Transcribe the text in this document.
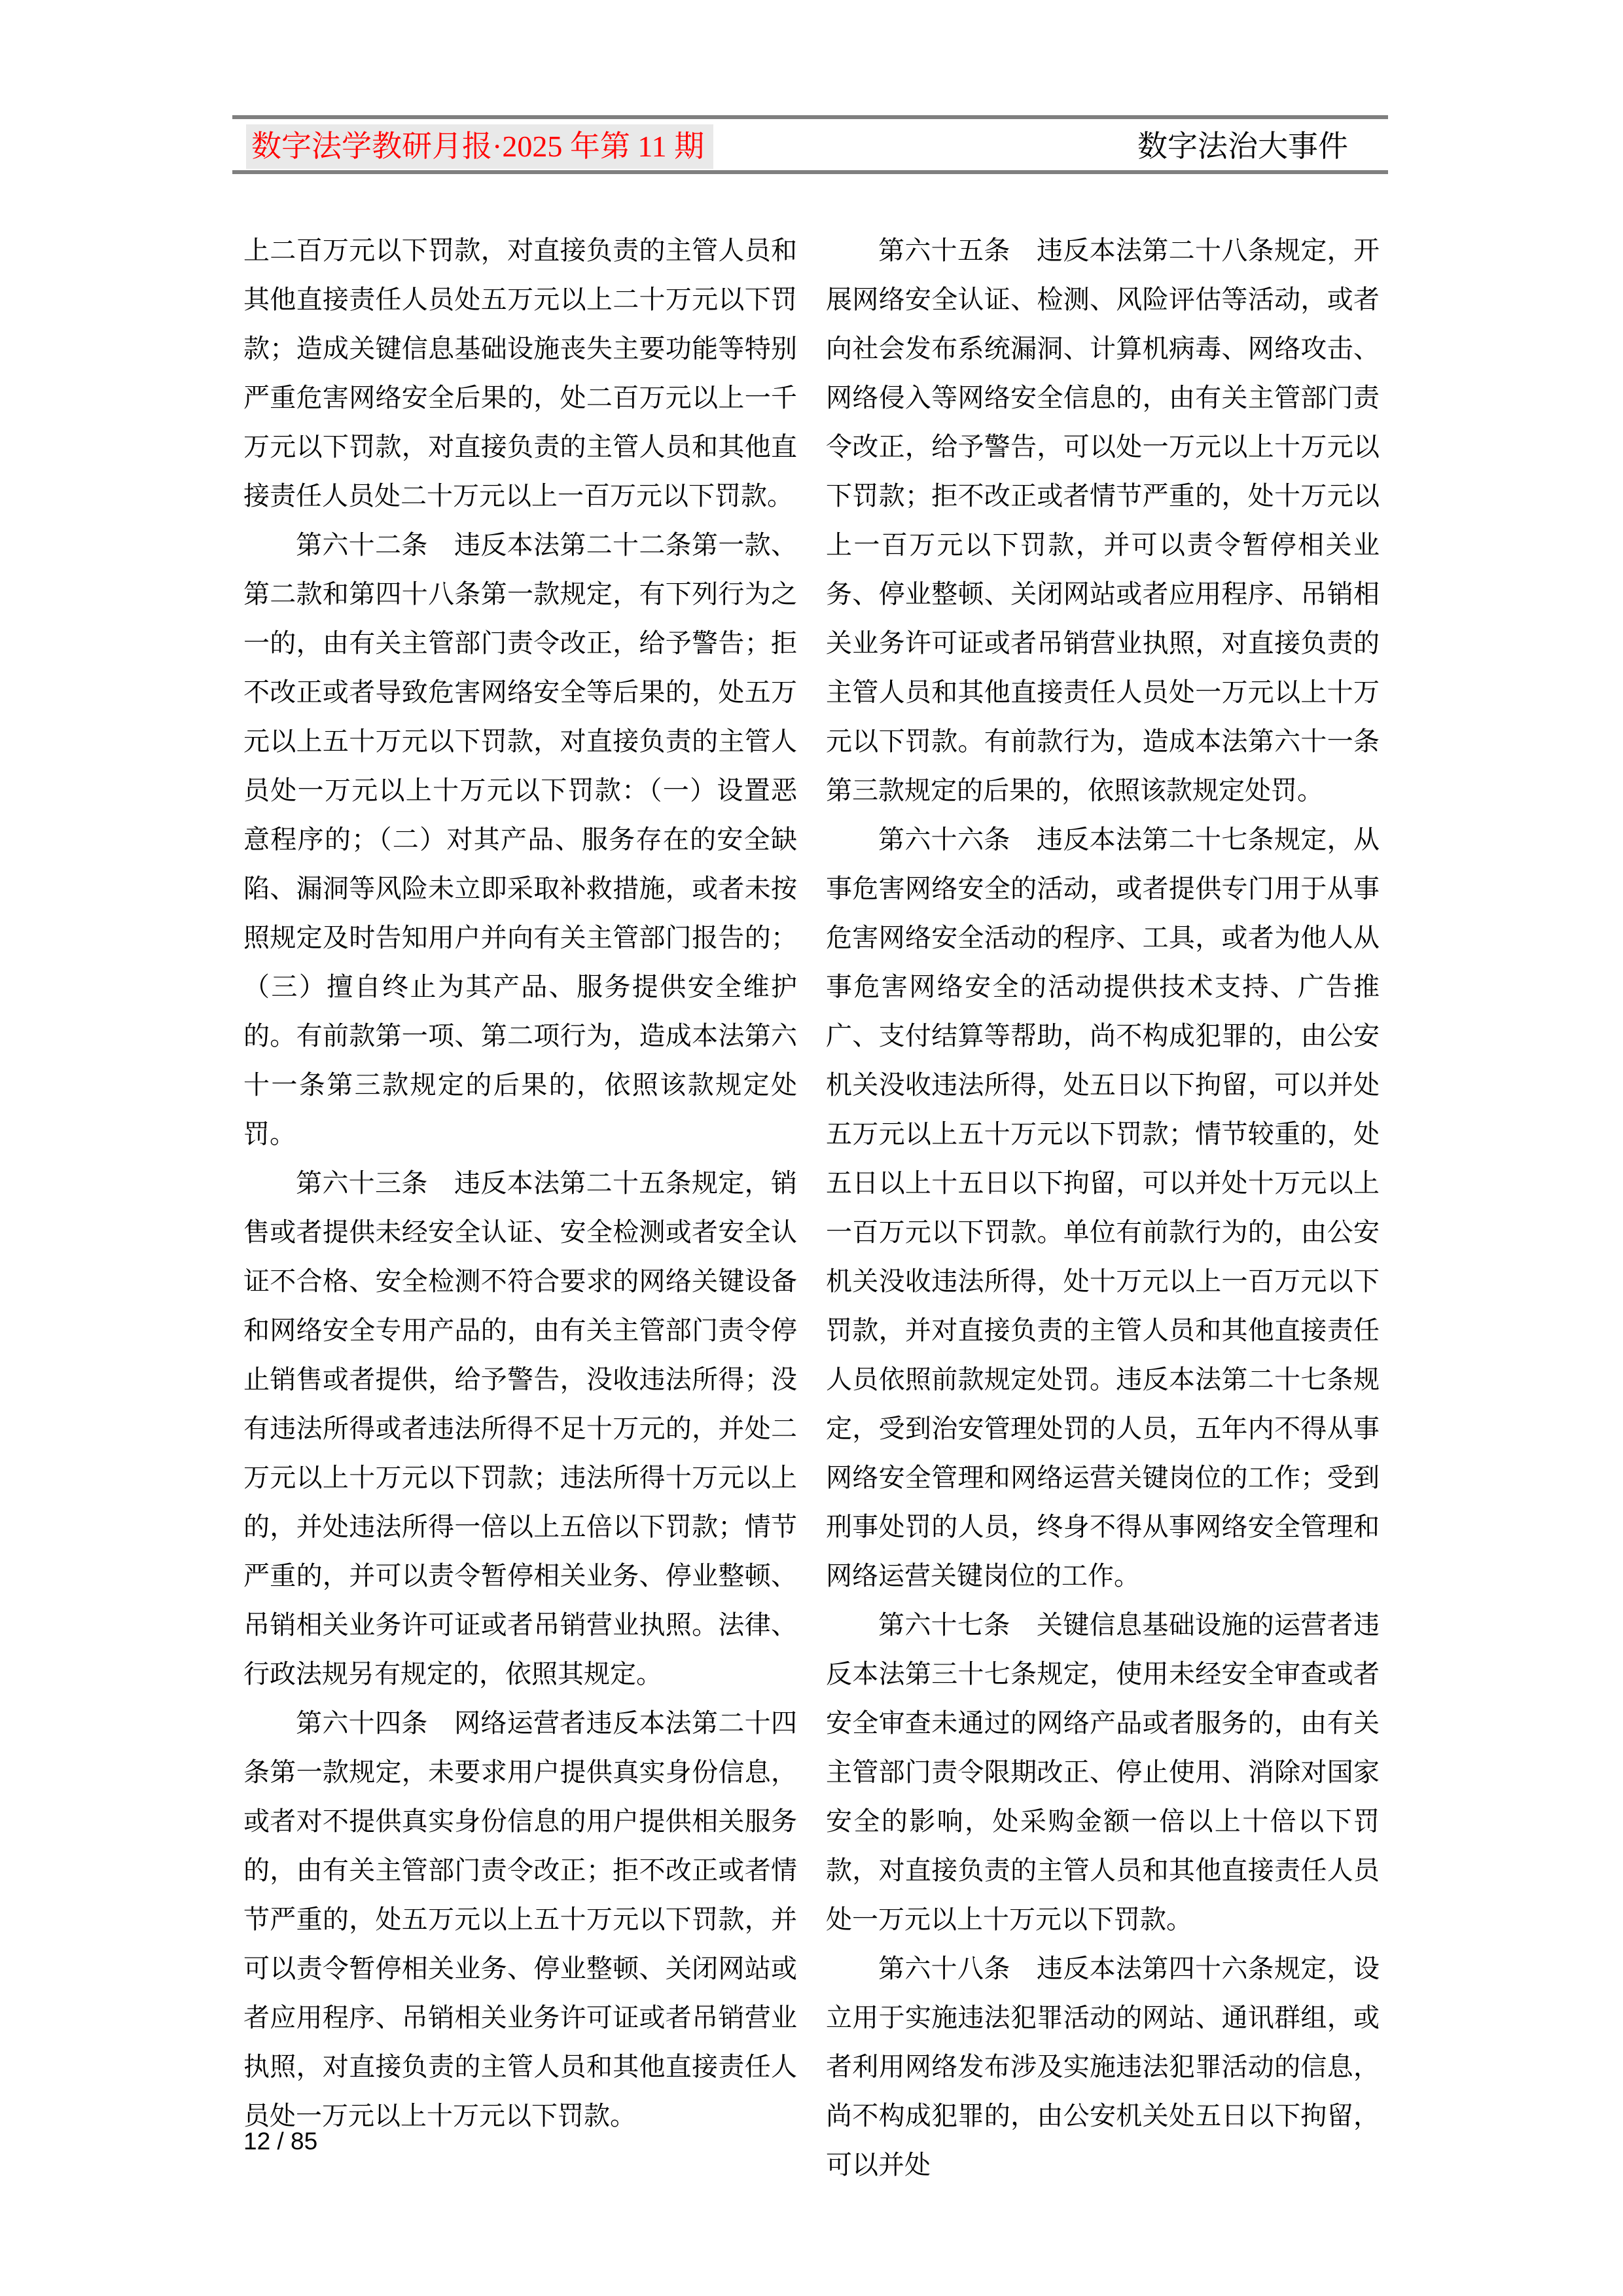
数字法学教研月报·2025 年第 11 期	数字法治大事件

上二百万元以下罚款，对直接负责的主管人员和其他直接责任人员处五万元以上二十万元以下罚款；造成关键信息基础设施丧失主要功能等特别严重危害网络安全后果的，处二百万元以上一千万元以下罚款，对直接负责的主管人员和其他直接责任人员处二十万元以上一百万元以下罚款。

第六十二条　违反本法第二十二条第一款、第二款和第四十八条第一款规定，有下列行为之一的，由有关主管部门责令改正，给予警告；拒不改正或者导致危害网络安全等后果的，处五万元以上五十万元以下罚款，对直接负责的主管人员处一万元以上十万元以下罚款：（一）设置恶意程序的；（二）对其产品、服务存在的安全缺陷、漏洞等风险未立即采取补救措施，或者未按照规定及时告知用户并向有关主管部门报告的；（三）擅自终止为其产品、服务提供安全维护的。有前款第一项、第二项行为，造成本法第六十一条第三款规定的后果的，依照该款规定处罚。

第六十三条　违反本法第二十五条规定，销售或者提供未经安全认证、安全检测或者安全认证不合格、安全检测不符合要求的网络关键设备和网络安全专用产品的，由有关主管部门责令停止销售或者提供，给予警告，没收违法所得；没有违法所得或者违法所得不足十万元的，并处二万元以上十万元以下罚款；违法所得十万元以上的，并处违法所得一倍以上五倍以下罚款；情节严重的，并可以责令暂停相关业务、停业整顿、吊销相关业务许可证或者吊销营业执照。法律、行政法规另有规定的，依照其规定。

第六十四条　网络运营者违反本法第二十四条第一款规定，未要求用户提供真实身份信息，或者对不提供真实身份信息的用户提供相关服务的，由有关主管部门责令改正；拒不改正或者情节严重的，处五万元以上五十万元以下罚款，并可以责令暂停相关业务、停业整顿、关闭网站或者应用程序、吊销相关业务许可证或者吊销营业执照，对直接负责的主管人员和其他直接责任人员处一万元以上十万元以下罚款。

第六十五条　违反本法第二十八条规定，开展网络安全认证、检测、风险评估等活动，或者向社会发布系统漏洞、计算机病毒、网络攻击、网络侵入等网络安全信息的，由有关主管部门责令改正，给予警告，可以处一万元以上十万元以下罚款；拒不改正或者情节严重的，处十万元以上一百万元以下罚款，并可以责令暂停相关业务、停业整顿、关闭网站或者应用程序、吊销相关业务许可证或者吊销营业执照，对直接负责的主管人员和其他直接责任人员处一万元以上十万元以下罚款。有前款行为，造成本法第六十一条第三款规定的后果的，依照该款规定处罚。

第六十六条　违反本法第二十七条规定，从事危害网络安全的活动，或者提供专门用于从事危害网络安全活动的程序、工具，或者为他人从事危害网络安全的活动提供技术支持、广告推广、支付结算等帮助，尚不构成犯罪的，由公安机关没收违法所得，处五日以下拘留，可以并处五万元以上五十万元以下罚款；情节较重的，处五日以上十五日以下拘留，可以并处十万元以上一百万元以下罚款。单位有前款行为的，由公安机关没收违法所得，处十万元以上一百万元以下罚款，并对直接负责的主管人员和其他直接责任人员依照前款规定处罚。违反本法第二十七条规定，受到治安管理处罚的人员，五年内不得从事网络安全管理和网络运营关键岗位的工作；受到刑事处罚的人员，终身不得从事网络安全管理和网络运营关键岗位的工作。

第六十七条　关键信息基础设施的运营者违反本法第三十七条规定，使用未经安全审查或者安全审查未通过的网络产品或者服务的，由有关主管部门责令限期改正、停止使用、消除对国家安全的影响，处采购金额一倍以上十倍以下罚款，对直接负责的主管人员和其他直接责任人员处一万元以上十万元以下罚款。

第六十八条　违反本法第四十六条规定，设立用于实施违法犯罪活动的网站、通讯群组，或者利用网络发布涉及实施违法犯罪活动的信息，尚不构成犯罪的，由公安机关处五日以下拘留，可以并处

12 / 85
